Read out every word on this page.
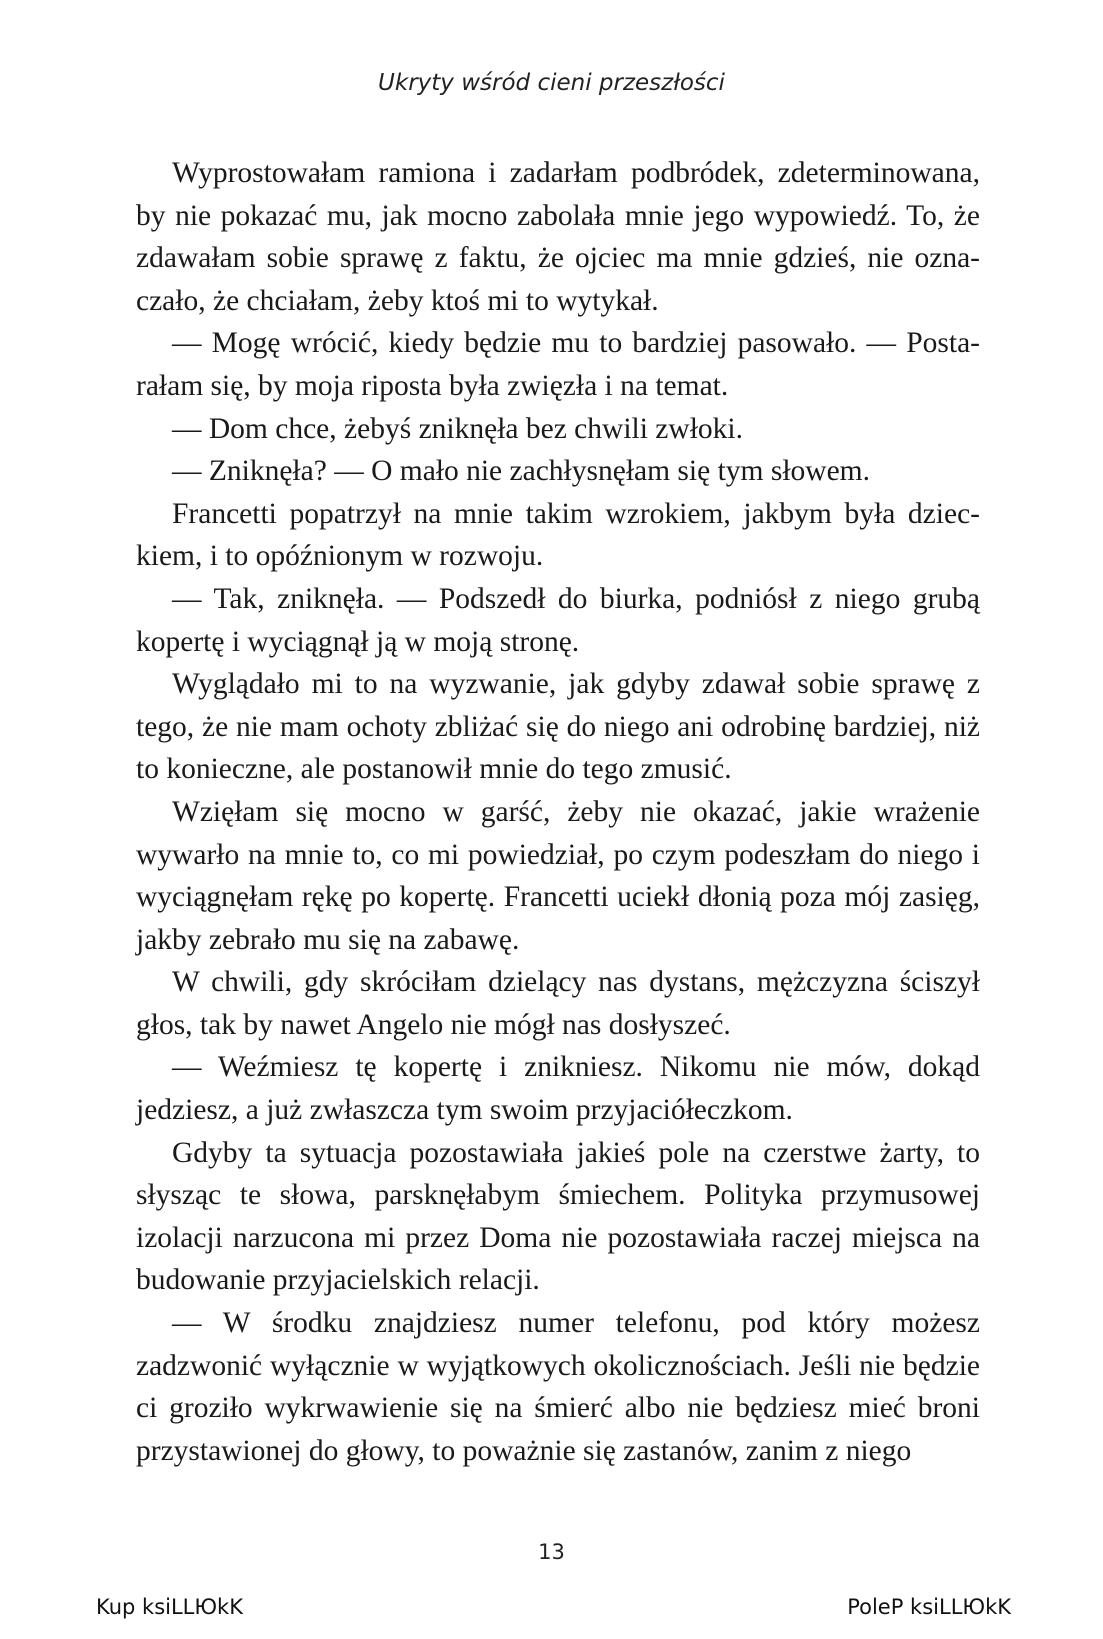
Ukryty wśród cieni przeszłości

Wyprostowałam ramiona i zadarłam podbródek, zdeterminowana, by nie pokazać mu, jak mocno zabolała mnie jego wypowiedź. To, że zdawałam sobie sprawę z faktu, że ojciec ma mnie gdzieś, nie oznaczało, że chciałam, żeby ktoś mi to wytykał.

— Mogę wrócić, kiedy będzie mu to bardziej pasowało. — Postarałam się, by moja riposta była zwięzła i na temat.

— Dom chce, żebyś zniknęła bez chwili zwłoki.

— Zniknęła? — O mało nie zachłysnęłam się tym słowem.

Francetti popatrzył na mnie takim wzrokiem, jakbym była dzieckiem, i to opóźnionym w rozwoju.

— Tak, zniknęła. — Podszedł do biurka, podniósł z niego grubą kopertę i wyciągnął ją w moją stronę.

Wyglądało mi to na wyzwanie, jak gdyby zdawał sobie sprawę z tego, że nie mam ochoty zbliżać się do niego ani odrobinę bardziej, niż to konieczne, ale postanowił mnie do tego zmusić.

Wzięłam się mocno w garść, żeby nie okazać, jakie wrażenie wywarło na mnie to, co mi powiedział, po czym podeszłam do niego i wyciągnęłam rękę po kopertę. Francetti uciekł dłonią poza mój zasięg, jakby zebrało mu się na zabawę.

W chwili, gdy skróciłam dzielący nas dystans, mężczyzna ściszył głos, tak by nawet Angelo nie mógł nas dosłyszeć.

— Weźmiesz tę kopertę i znikniesz. Nikomu nie mów, dokąd jedziesz, a już zwłaszcza tym swoim przyjaciółeczkom.

Gdyby ta sytuacja pozostawiała jakieś pole na czerstwe żarty, to słysząc te słowa, parsknęłabym śmiechem. Polityka przymusowej izolacji narzucona mi przez Doma nie pozostawiała raczej miejsca na budowanie przyjacielskich relacji.

— W środku znajdziesz numer telefonu, pod który możesz zadzwonić wyłącznie w wyjątkowych okolicznościach. Jeśli nie będzie ci groziło wykrwawienie się na śmierć albo nie będziesz mieć broni przystawionej do głowy, to poważnie się zastanów, zanim z niego

13
Kup ksiLLЮkK	PoleP ksiLLЮkK
